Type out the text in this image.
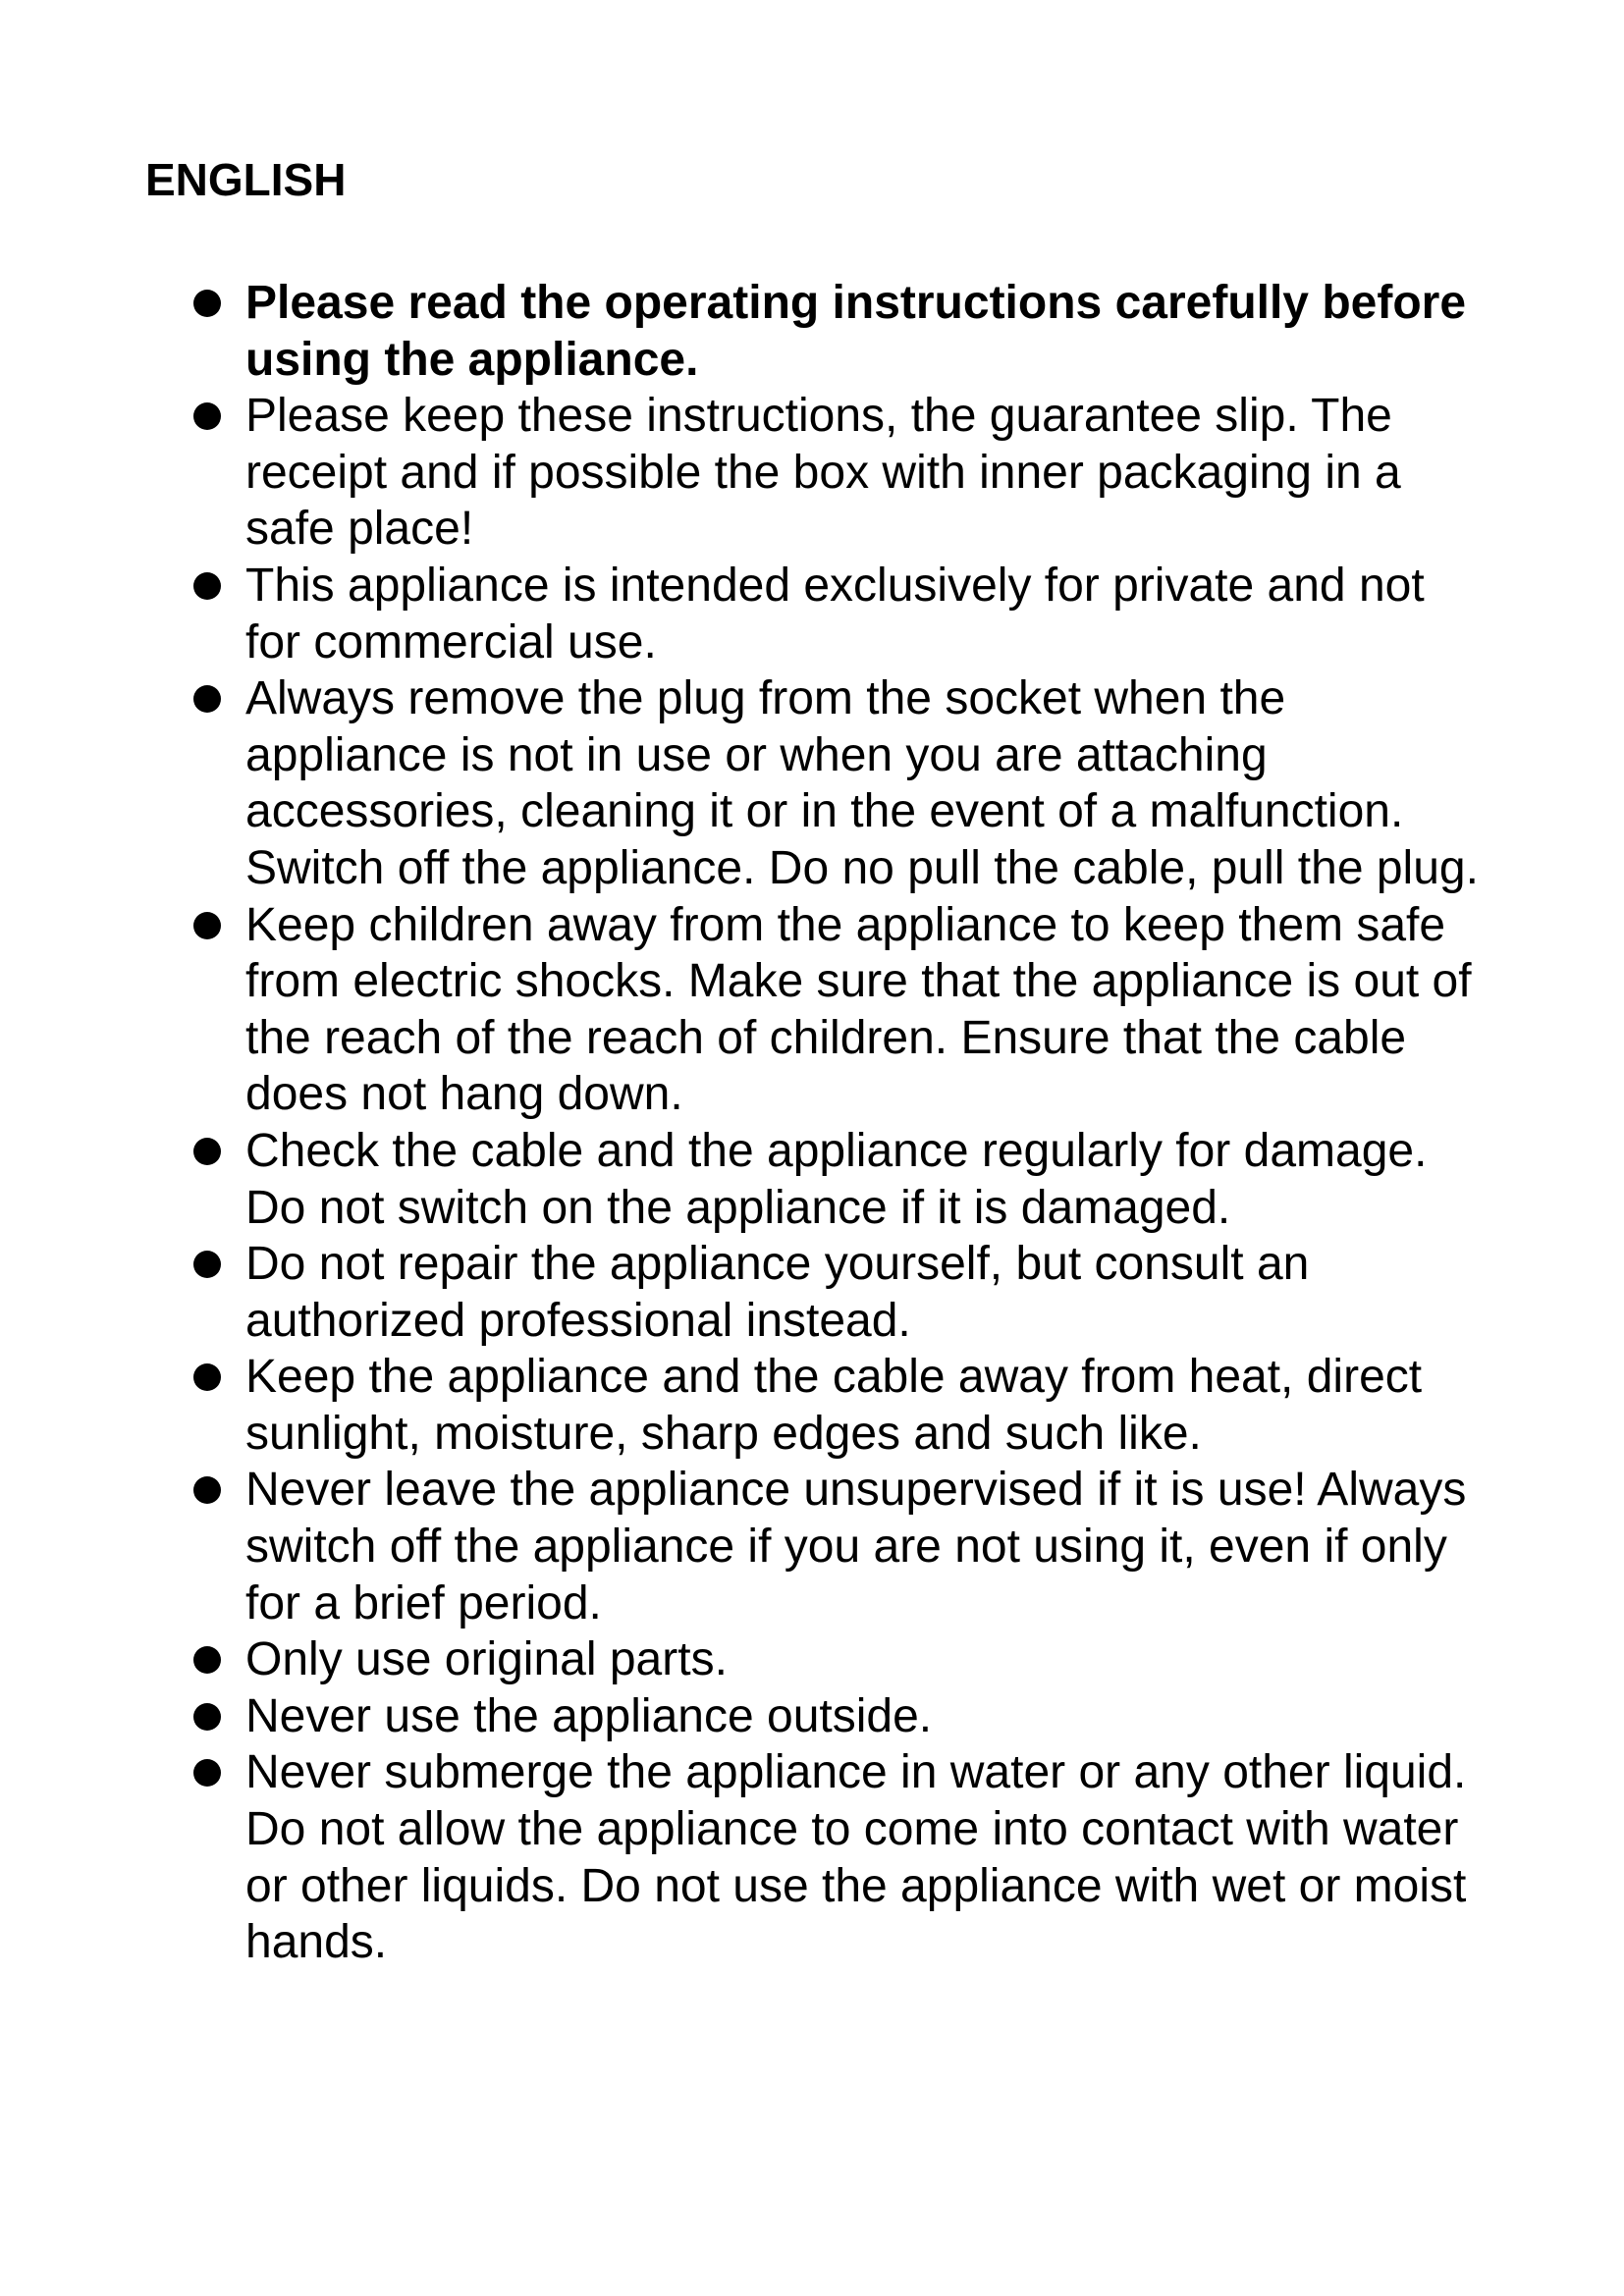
ENGLISH
Please read the operating instructions carefully before using the appliance.
Please keep these instructions, the guarantee slip. The receipt and if possible the box with inner packaging in a safe place!
This appliance is intended exclusively for private and not for commercial use.
Always remove the plug from the socket when the appliance is not in use or when you are attaching accessories, cleaning it or in the event of a malfunction. Switch off the appliance. Do no pull the cable, pull the plug.
Keep children away from the appliance to keep them safe from electric shocks. Make sure that the appliance is out of the reach of the reach of children. Ensure that the cable does not hang down.
Check the cable and the appliance regularly for damage. Do not switch on the appliance if it is damaged.
Do not repair the appliance yourself, but consult an authorized professional instead.
Keep the appliance and the cable away from heat, direct sunlight, moisture, sharp edges and such like.
Never leave the appliance unsupervised if it is use! Always switch off the appliance if you are not using it, even if only for a brief period.
Only use original parts.
Never use the appliance outside.
Never submerge the appliance in water or any other liquid. Do not allow the appliance to come into contact with water or other liquids. Do not use the appliance with wet or moist hands.
